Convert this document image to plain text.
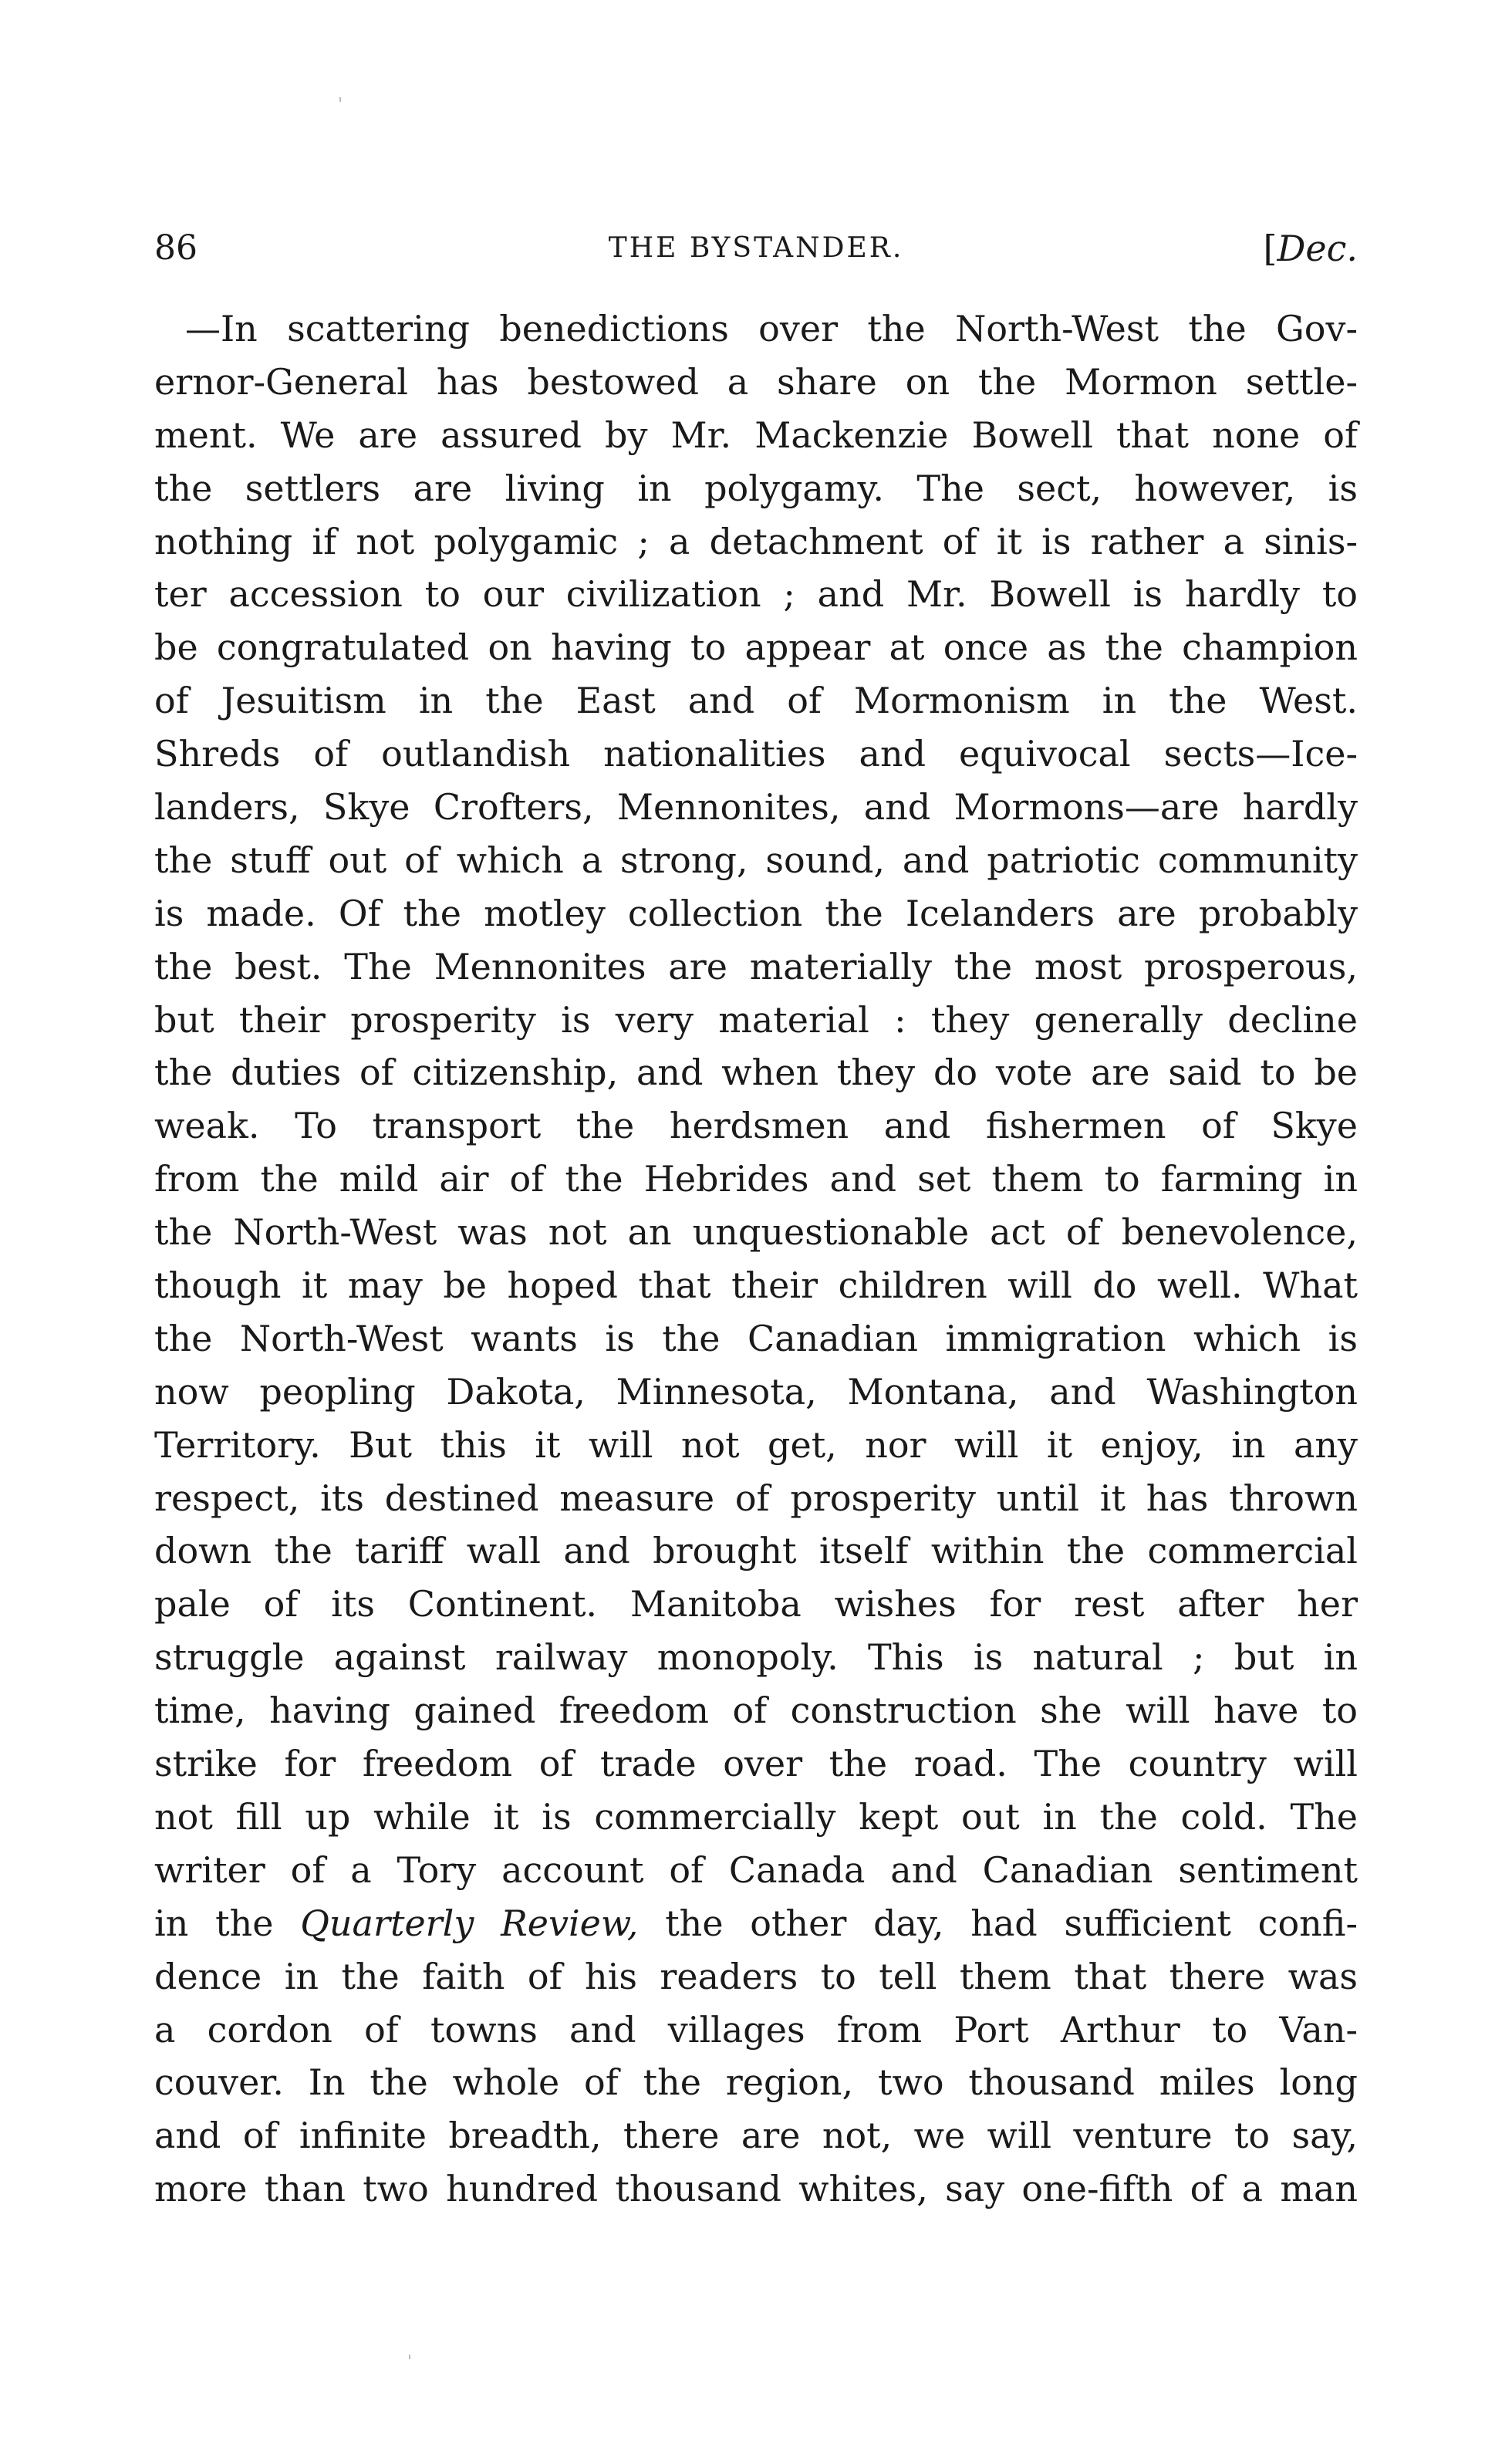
86	THE BYSTANDER.	[Dec.
—In scattering benedictions over the North-West the Gov-
ernor-General has bestowed a share on the Mormon settle-
ment. We are assured by Mr. Mackenzie Bowell that none of
the settlers are living in polygamy. The sect, however, is
nothing if not polygamic ; a detachment of it is rather a sinis-
ter accession to our civilization ; and Mr. Bowell is hardly to
be congratulated on having to appear at once as the champion
of Jesuitism in the East and of Mormonism in the West.
Shreds of outlandish nationalities and equivocal sects—Ice-
landers, Skye Crofters, Mennonites, and Mormons—are hardly
the stuff out of which a strong, sound, and patriotic community
is made. Of the motley collection the Icelanders are probably
the best. The Mennonites are materially the most prosperous,
but their prosperity is very material : they generally decline
the duties of citizenship, and when they do vote are said to be
weak. To transport the herdsmen and fishermen of Skye
from the mild air of the Hebrides and set them to farming in
the North-West was not an unquestionable act of benevolence,
though it may be hoped that their children will do well. What
the North-West wants is the Canadian immigration which is
now peopling Dakota, Minnesota, Montana, and Washington
Territory. But this it will not get, nor will it enjoy, in any
respect, its destined measure of prosperity until it has thrown
down the tariff wall and brought itself within the commercial
pale of its Continent. Manitoba wishes for rest after her
struggle against railway monopoly. This is natural ; but in
time, having gained freedom of construction she will have to
strike for freedom of trade over the road. The country will
not fill up while it is commercially kept out in the cold. The
writer of a Tory account of Canada and Canadian sentiment
in the Quarterly Review, the other day, had sufficient confi-
dence in the faith of his readers to tell them that there was
a cordon of towns and villages from Port Arthur to Van-
couver. In the whole of the region, two thousand miles long
and of infinite breadth, there are not, we will venture to say,
more than two hundred thousand whites, say one-fifth of a man
